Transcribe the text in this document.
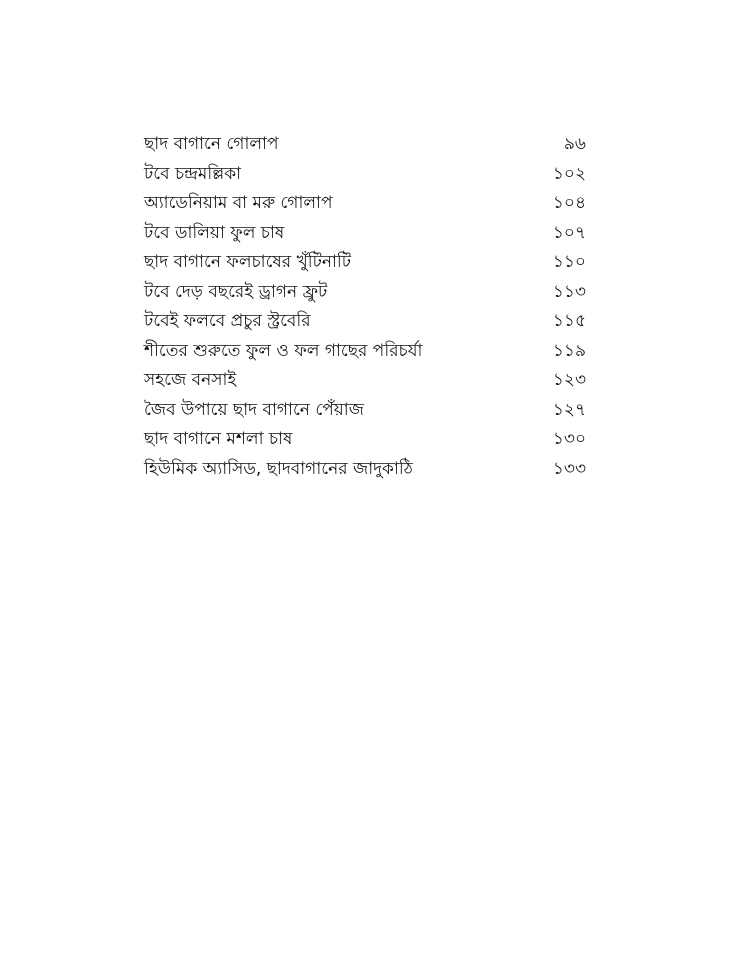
ছাদ বাগানে গোলাপ	৯৬
টবে চন্দ্রমল্লিকা	১০২
অ্যাডেনিয়াম বা মরু গোলাপ	১০৪
টবে ডালিয়া ফুল চাষ	১০৭
ছাদ বাগানে ফলচাষের খুঁটিনাটি	১১০
টবে দেড় বছরেই ড্রাগন ফ্রুট	১১৩
টবেই ফলবে প্রচুর স্ট্রবেরি	১১৫
শীতের শুরুতে ফুল ও ফল গাছের পরিচর্যা	১১৯
সহজে বনসাই	১২৩
জৈব উপায়ে ছাদ বাগানে পেঁয়াজ	১২৭
ছাদ বাগানে মশলা চাষ	১৩০
হিউমিক অ্যাসিড, ছাদবাগানের জাদুকাঠি	১৩৩
